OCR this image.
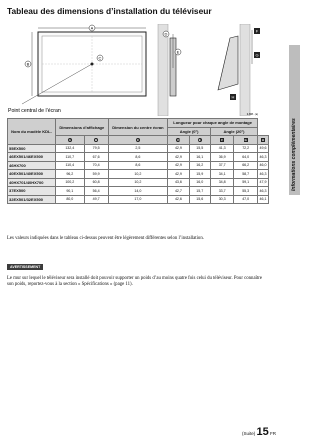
Tableau des dimensions d’installation du téléviseur
A
B
C
D
E
F
G
H
Point central de l’écran
ILS88 - (a)
Nom du modèle KDL-	Dimensions d’affichage		Dimension du centre écran	Longueur pour chaque angle de montage				
				Angle (0°)		Angle (20°)		
	A	B	C	D	E	F	G	H
55EX500	132,4	79,5	2,5	42,9	15,5	41,3	72,2	49,6
46EX501/46EX500	110,7	67,6	8,6	42,9	16,1	36,9	64,0	46,3
46HX700	110,4	70,4	8,6	42,9	16,2	37,7	66,2	46,0
40EX501/40EX500	96,2	59,9	10,2	42,9	15,9	34,1	58,7	46,3
40HX701/40HX700	100,2	60,8	10,2	43,6	16,0	34,8	59,1	47,9
37EX500	90,1	56,4	14,0	42,7	15,7	33,7	55,3	46,3
32EX501/32EX500	80,0	49,7	17,0	42,6	15,6	30,3	47,0	46,1
Les valeurs indiquées dans le tableau ci-dessus peuvent être légèrement différentes selon l’installation.
AVERTISSEMENT
Le mur sur lequel le téléviseur sera installé doit pouvoir supporter un poids d’au moins quatre fois celui du téléviseur. Pour connaître son poids, reportez-vous à la section « Spécifications » (page 11).
Informations complémentaires
(Suite) 15 FR
